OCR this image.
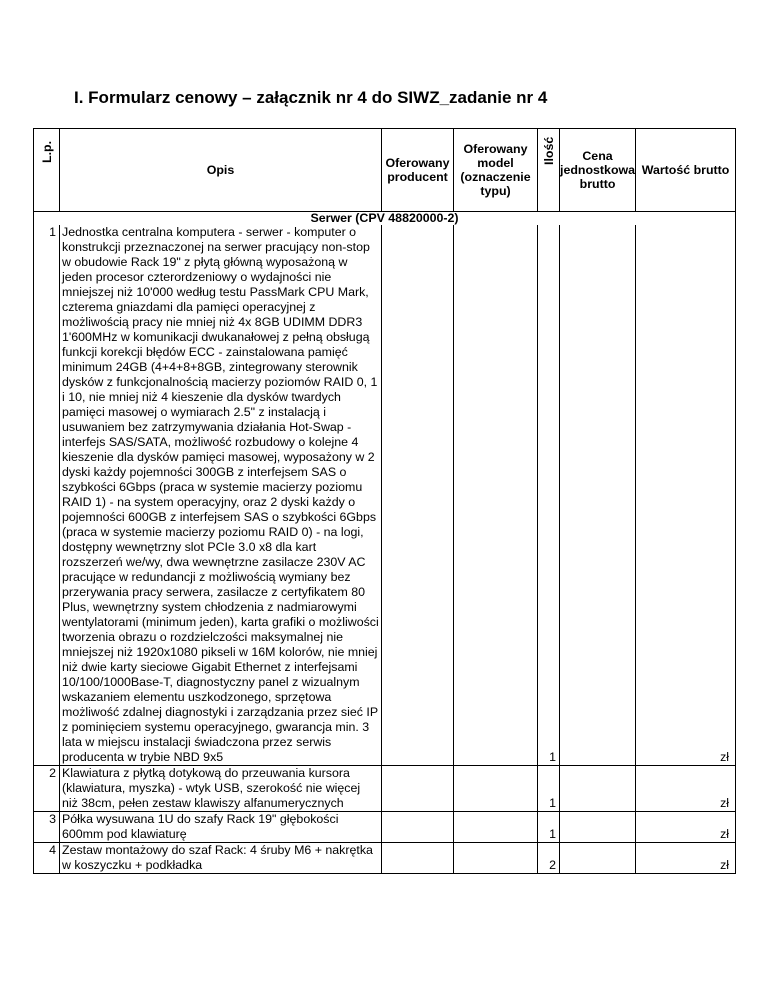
I. Formularz cenowy – załącznik nr 4 do SIWZ_zadanie nr 4
L.p.	Opis	Oferowany producent	Oferowany model (oznaczenie typu)	Ilość	Cena jednostkowa brutto	Wartość brutto
Serwer (CPV 48820000-2)						
1	Jednostka centralna komputera - serwer - komputer o konstrukcji przeznaczonej na serwer pracujący non-stop w obudowie Rack 19" z płytą główną wyposażoną w jeden procesor czterordzeniowy o wydajności nie mniejszej niż 10'000 według testu PassMark CPU Mark, czterema gniazdami dla pamięci operacyjnej z możliwością pracy nie mniej niż 4x 8GB UDIMM DDR3 1'600MHz w komunikacji dwukanałowej z pełną obsługą funkcji korekcji błędów ECC - zainstalowana pamięć minimum 24GB (4+4+8+8GB, zintegrowany sterownik dysków z funkcjonalnością macierzy poziomów RAID 0, 1 i 10, nie mniej niż 4 kieszenie dla dysków twardych pamięci masowej o wymiarach 2.5" z instalacją i usuwaniem bez zatrzymywania działania Hot-Swap - interfejs SAS/SATA, możliwość rozbudowy o kolejne 4 kieszenie dla dysków pamięci masowej, wyposażony w 2 dyski każdy pojemności 300GB z interfejsem SAS o szybkości 6Gbps (praca w systemie macierzy poziomu RAID 1) - na system operacyjny, oraz 2 dyski każdy o pojemności 600GB z interfejsem SAS o szybkości 6Gbps (praca w systemie macierzy poziomu RAID 0) - na logi, dostępny wewnętrzny slot PCIe 3.0 x8 dla kart rozszerzeń we/wy, dwa wewnętrzne zasilacze 230V AC pracujące w redundancji z możliwością wymiany bez przerywania pracy serwera, zasilacze z certyfikatem 80 Plus, wewnętrzny system chłodzenia z nadmiarowymi wentylatorami (minimum jeden), karta grafiki o możliwości tworzenia obrazu o rozdzielczości maksymalnej nie mniejszej niż 1920x1080 pikseli w 16M kolorów, nie mniej niż dwie karty sieciowe Gigabit Ethernet z interfejsami 10/100/1000Base-T, diagnostyczny panel z wizualnym wskazaniem elementu uszkodzonego, sprzętowa możliwość zdalnej diagnostyki i zarządzania przez sieć IP z pominięciem systemu operacyjnego, gwarancja min. 3 lata w miejscu instalacji świadczona przez serwis producenta w trybie NBD 9x5			1		zł
2	Klawiatura z płytką dotykową do przeuwania kursora (klawiatura, myszka) - wtyk USB, szerokość nie więcej niż 38cm, pełen zestaw klawiszy alfanumerycznych			1		zł
3	Półka wysuwana 1U do szafy Rack 19" głębokości 600mm pod klawiaturę			1		zł
4	Zestaw montażowy do szaf Rack: 4 śruby M6 + nakrętka w koszyczku + podkładka			2		zł
